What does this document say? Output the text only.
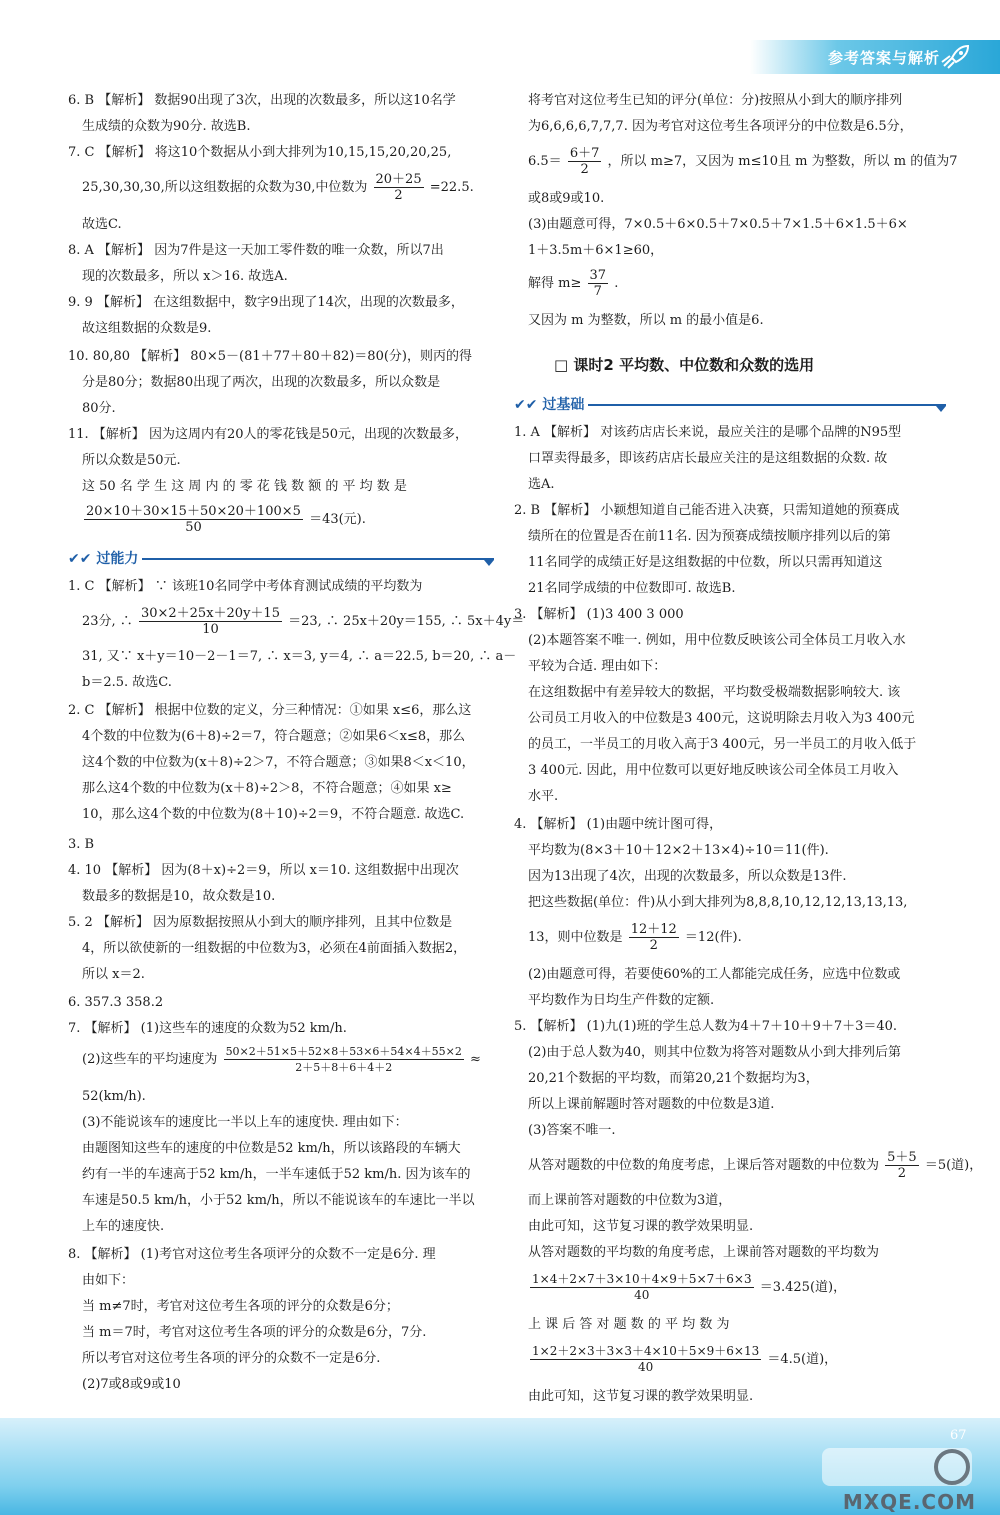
参考答案与解析
6. B 【解析】 数据90出现了3次，出现的次数最多，所以这10名学
生成绩的众数为90分. 故选B.
7. C 【解析】 将这10个数据从小到大排列为10,15,15,20,20,25,
25,30,30,30,所以这组数据的众数为30,中位数为 $\frac{20+25}{2} =22.5$.
故选C.
8. A 【解析】 因为7件是这一天加工零件数的唯一众数，所以7出
现的次数最多，所以 x＞16. 故选A.
9. 9 【解析】 在这组数据中，数字9出现了14次，出现的次数最多，
故这组数据的众数是9.
10. 80,80 【解析】 80×5－(81＋77＋80＋82)＝80(分)，则丙的得
分是80分；数据80出现了两次，出现的次数最多，所以众数是
80分.
11. 【解析】 因为这周内有20人的零花钱是50元，出现的次数最多，
所以众数是50元.
这 50 名 学 生 这 周 内 的 零 花 钱 数 额 的 平 均 数 是
$\frac{20\times 10+30\times 15+50\times 20+100\times 5}{50} =43$(元).
✔✔ 过能力
1. C 【解析】 ∵ 该班10名同学中考体育测试成绩的平均数为
23分, ∴ $\frac{30\times 2+25x+20y+15}{10} =23$, ∴ 25x＋20y＝155, ∴ 5x＋4y＝
31, 又∵ x＋y＝10－2－1＝7, ∴ x＝3, y＝4, ∴ a＝22.5, b＝20, ∴ a－
b＝2.5. 故选C.
2. C 【解析】 根据中位数的定义，分三种情况：①如果 x≤6，那么这
4个数的中位数为(6＋8)÷2＝7，符合题意；②如果6＜x≤8，那么
这4个数的中位数为(x＋8)÷2＞7，不符合题意；③如果8＜x＜10，
那么这4个数的中位数为(x＋8)÷2＞8，不符合题意；④如果 x≥
10，那么这4个数的中位数为(8＋10)÷2＝9，不符合题意. 故选C.
3. B
4. 10 【解析】 因为(8＋x)÷2＝9，所以 x＝10. 这组数据中出现次
数最多的数据是10，故众数是10.
5. 2 【解析】 因为原数据按照从小到大的顺序排列，且其中位数是
4，所以欲使新的一组数据的中位数为3，必须在4前面插入数据2，
所以 x＝2.
6. 357.3 358.2
7. 【解析】 (1)这些车的速度的众数为52 km/h.
(2)这些车的平均速度为 $\frac{50\times 2+51\times 5+52\times 8+53\times 6+54\times 4+55\times 2}{2+5+8+6+4+2}$ ≈
52(km/h).
(3)不能说该车的速度比一半以上车的速度快. 理由如下：
由题图知这些车的速度的中位数是52 km/h，所以该路段的车辆大
约有一半的车速高于52 km/h，一半车速低于52 km/h. 因为该车的
车速是50.5 km/h，小于52 km/h，所以不能说该车的车速比一半以
上车的速度快.
8. 【解析】 (1)考官对这位考生各项评分的众数不一定是6分. 理
由如下：
当 m≠7时，考官对这位考生各项的评分的众数是6分；
当 m＝7时，考官对这位考生各项的评分的众数是6分，7分.
所以考官对这位考生各项的评分的众数不一定是6分.
(2)7或8或9或10
将考官对这位考生已知的评分(单位：分)按照从小到大的顺序排列
为6,6,6,6,7,7,7. 因为考官对这位考生各项评分的中位数是6.5分，
$6.5= \frac{6+7}{2}$ ，所以 m≥7，又因为 m≤10且 m 为整数，所以 m 的值为7
或8或9或10.
(3)由题意可得，7×0.5＋6×0.5＋7×0.5＋7×1.5＋6×1.5＋6×
1＋3.5m＋6×1≥60，
解得 $m\ge \frac{37}{7}$ .
又因为 m 为整数，所以 m 的最小值是6.
□ 课时2 平均数、中位数和众数的选用
✔✔ 过基础
1. A 【解析】 对该药店店长来说，最应关注的是哪个品牌的N95型
口罩卖得最多，即该药店店长最应关注的是这组数据的众数. 故
选A.
2. B 【解析】 小颖想知道自己能否进入决赛，只需知道她的预赛成
绩所在的位置是否在前11名. 因为预赛成绩按顺序排列以后的第
11名同学的成绩正好是这组数据的中位数，所以只需再知道这
21名同学成绩的中位数即可. 故选B.
3. 【解析】 (1)3 400 3 000
(2)本题答案不唯一. 例如，用中位数反映该公司全体员工月收入水
平较为合适. 理由如下：
在这组数据中有差异较大的数据，平均数受极端数据影响较大. 该
公司员工月收入的中位数是3 400元，这说明除去月收入为3 400元
的员工，一半员工的月收入高于3 400元，另一半员工的月收入低于
3 400元. 因此，用中位数可以更好地反映该公司全体员工月收入
水平.
4. 【解析】 (1)由题中统计图可得，
平均数为(8×3＋10＋12×2＋13×4)÷10＝11(件).
因为13出现了4次，出现的次数最多，所以众数是13件.
把这些数据(单位：件)从小到大排列为8,8,8,10,12,12,13,13,13,
13，则中位数是 $\frac{12+12}{2} =12$(件).
(2)由题意可得，若要使60%的工人都能完成任务，应选中位数或
平均数作为日均生产件数的定额.
5. 【解析】 (1)九(1)班的学生总人数为4＋7＋10＋9＋7＋3＝40.
(2)由于总人数为40，则其中位数为将答对题数从小到大排列后第
20,21个数据的平均数，而第20,21个数据均为3，
所以上课前解题时答对题数的中位数是3道.
(3)答案不唯一.
从答对题数的中位数的角度考虑，上课后答对题数的中位数为 $\frac{5+5}{2} =5$(道)，
而上课前答对题数的中位数为3道，
由此可知，这节复习课的教学效果明显.
从答对题数的平均数的角度考虑，上课前答对题数的平均数为
$\frac{1\times 4+2\times 7+3\times 10+4\times 9+5\times 7+6\times 3}{40} =3.425$(道)，
上 课 后 答 对 题 数 的 平 均 数 为
$\frac{1\times 2+2\times 3+3\times 3+4\times 10+5\times 9+6\times 13}{40} =4.5$(道)，
由此可知，这节复习课的教学效果明显.
67
MXQE.COM
